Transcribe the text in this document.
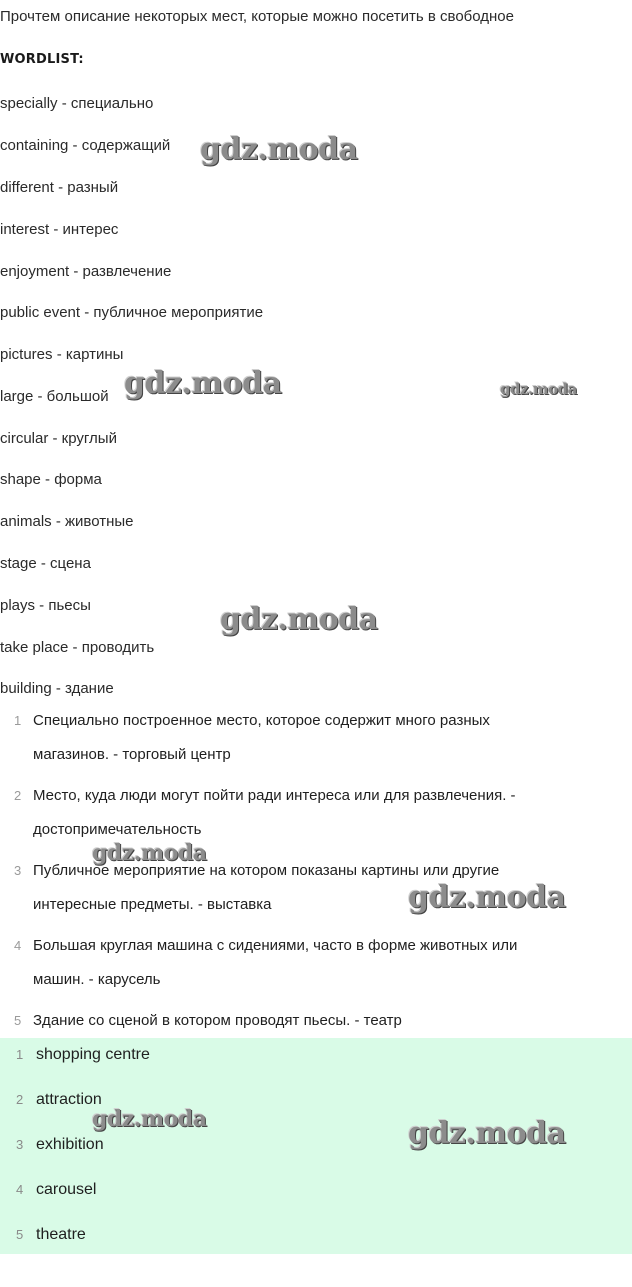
Прочтем описание некоторых мест, которые можно посетить в свободное
WORDLIST:
specially - специально
containing - содержащий
different - разный
interest - интерес
enjoyment - развлечение
public event - публичное мероприятие
pictures - картины
large - большой
circular - круглый
shape - форма
animals - животные
stage - сцена
plays - пьесы
take place - проводить
building - здание
1 Специально построенное место, которое содержит много разных
магазинов. - торговый центр
2 Место, куда люди могут пойти ради интереса или для развлечения. -
достопримечательность
3 Публичное мероприятие на котором показаны картины или другие
интересные предметы. - выставка
4 Большая круглая машина с сидениями, часто в форме животных или
машин. - карусель
5 Здание со сценой в котором проводят пьесы. - театр
1 shopping centre
2 attraction
3 exhibition
4 carousel
5 theatre
gdz.moda
gdz.moda	gdz.moda
gdz.moda
gdz.moda
gdz.moda
gdz.moda	gdz.moda
